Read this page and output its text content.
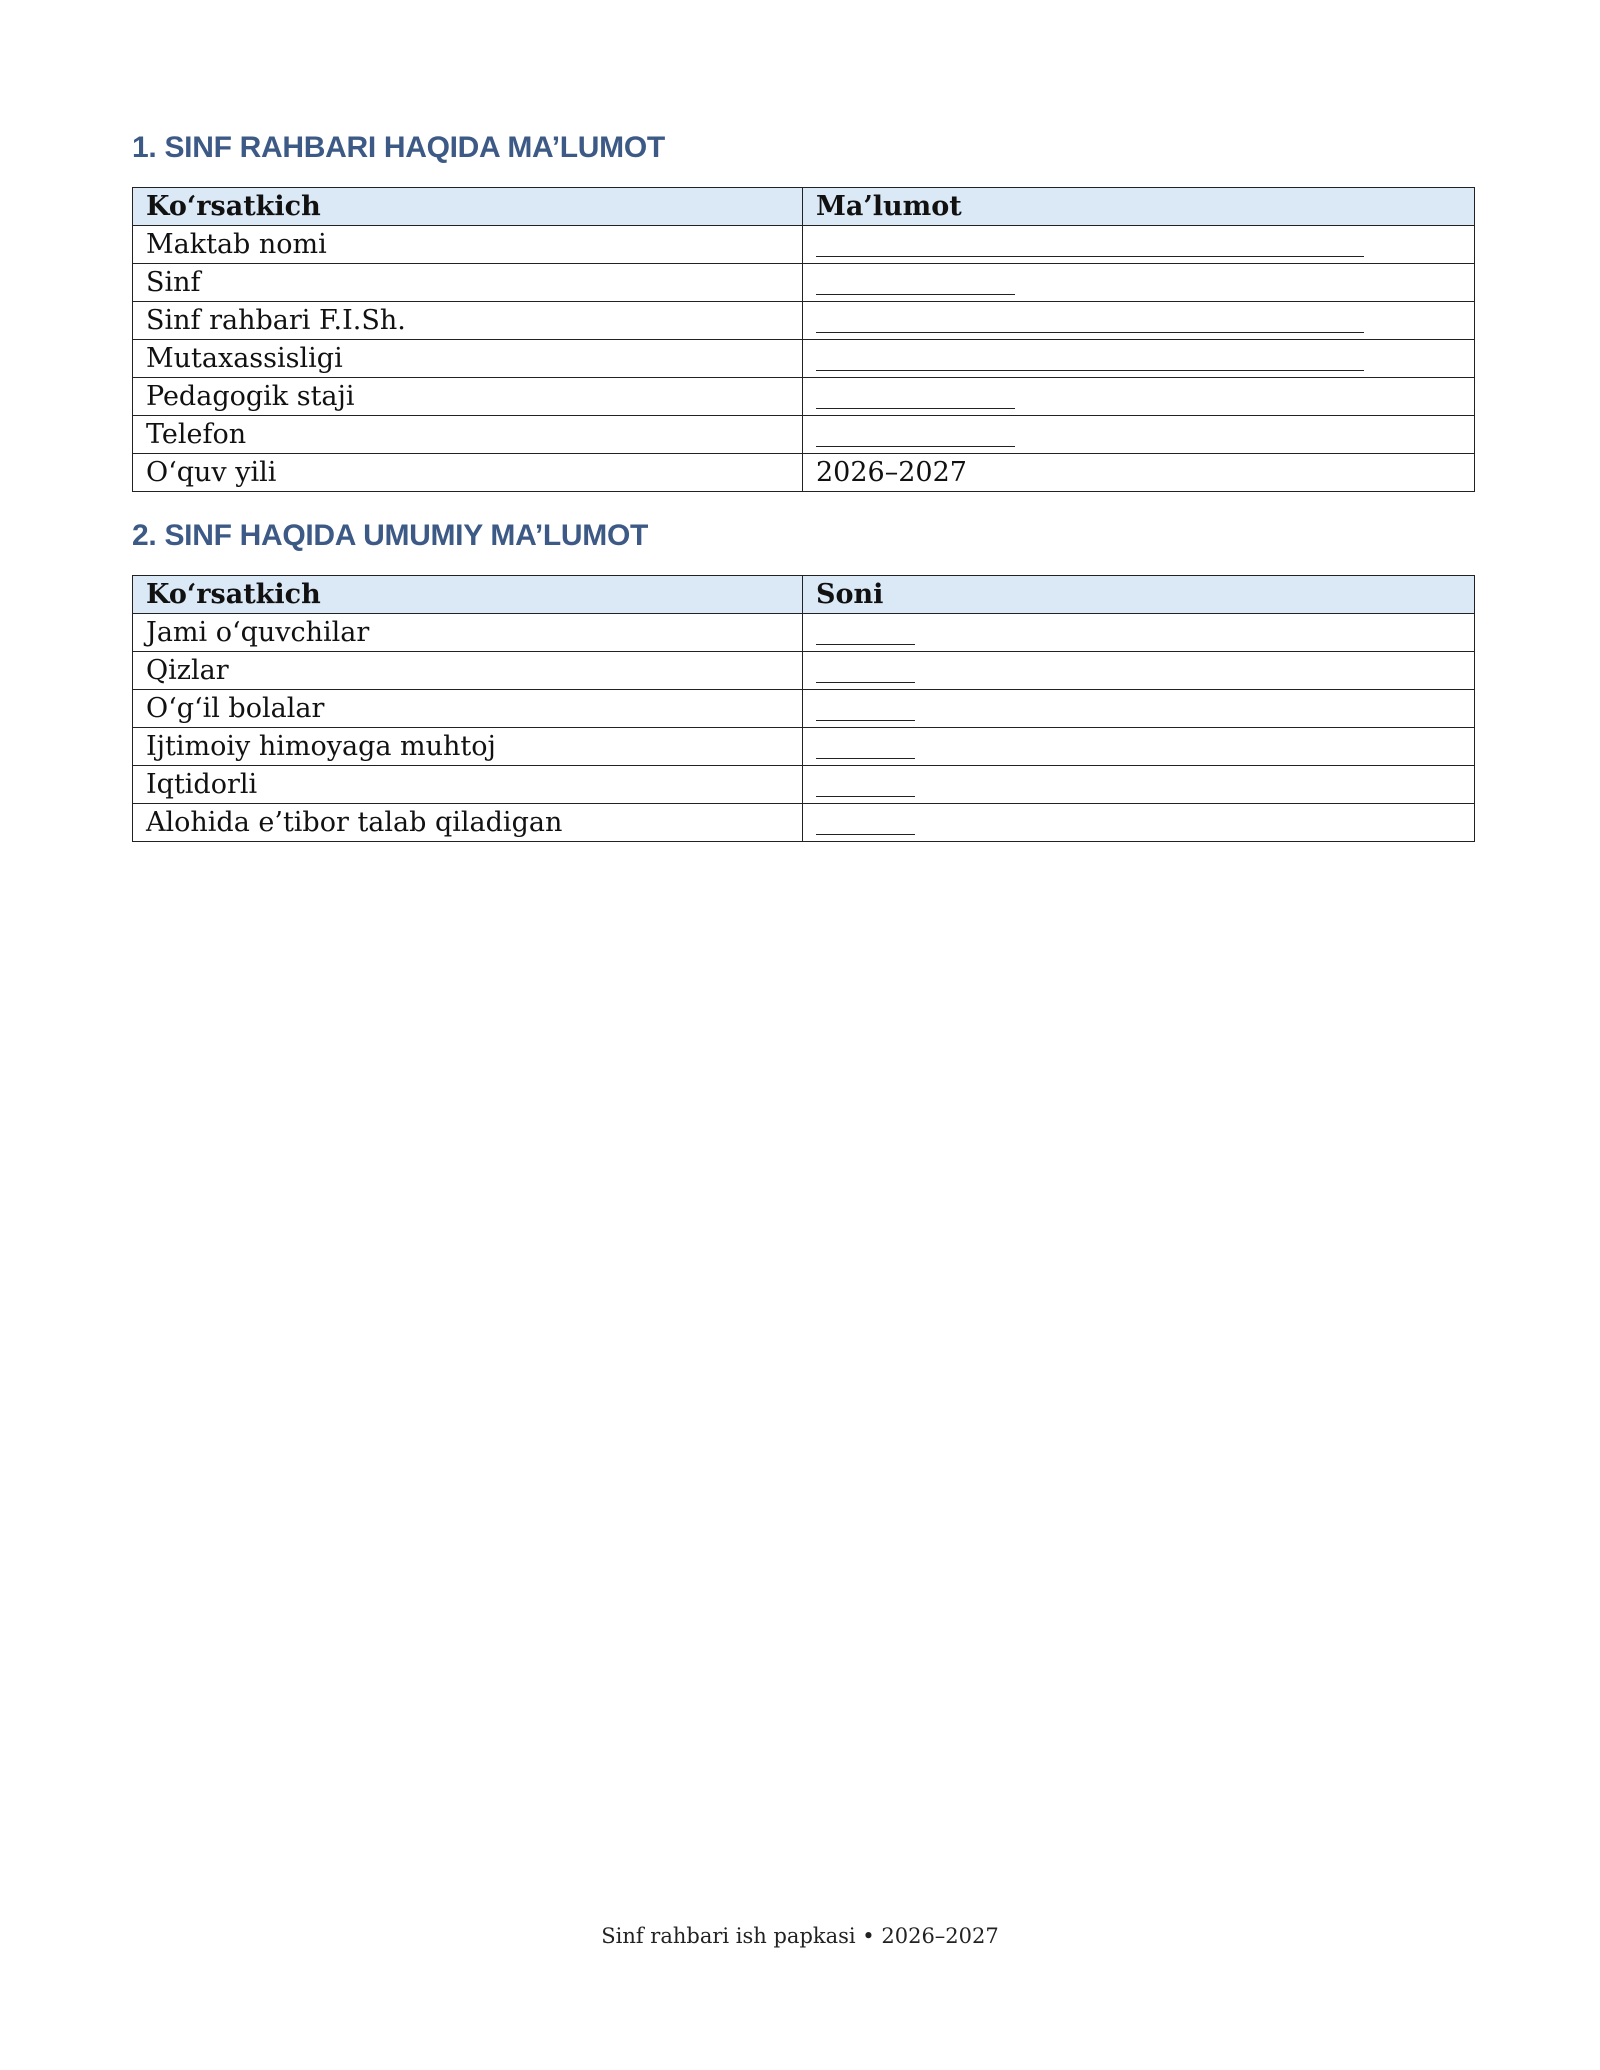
1. SINF RAHBARI HAQIDA MA’LUMOT
Ko‘rsatkich	Ma’lumot
Maktab nomi	
Sinf	
Sinf rahbari F.I.Sh.	
Mutaxassisligi	
Pedagogik staji	
Telefon	
O‘quv yili	2026–2027
2. SINF HAQIDA UMUMIY MA’LUMOT
Ko‘rsatkich	Soni
Jami o‘quvchilar	
Qizlar	
O‘g‘il bolalar	
Ijtimoiy himoyaga muhtoj	
Iqtidorli	
Alohida e’tibor talab qiladigan	
Sinf rahbari ish papkasi • 2026–2027
